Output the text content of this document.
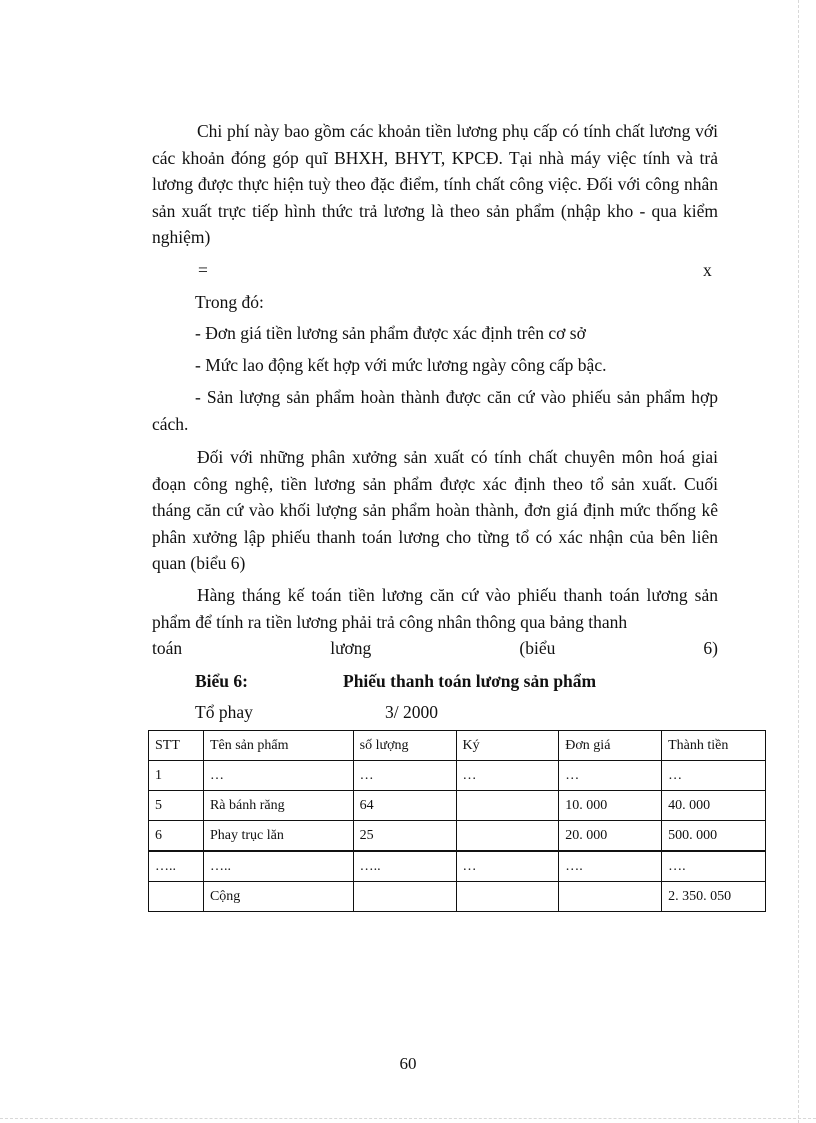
Chi phí này bao gồm các khoản tiền lương phụ cấp có tính chất lương với các khoản đóng góp quĩ BHXH, BHYT, KPCĐ. Tại nhà máy việc tính và trả lương được thực hiện tuỳ theo đặc điểm, tính chất công việc. Đối với công nhân sản xuất trực tiếp hình thức trả lương là theo sản phẩm (nhập kho - qua kiểm nghiệm)

=	x
Trong đó:
- Đơn giá tiền lương sản phẩm được xác định trên cơ sở
- Mức lao động kết hợp với mức lương ngày công cấp bậc.

- Sản lượng sản phẩm hoàn thành được căn cứ vào phiếu sản phẩm hợp cách.

Đối với những phân xưởng sản xuất có tính chất chuyên môn hoá giai đoạn công nghệ, tiền lương sản phẩm được xác định theo tổ sản xuất. Cuối tháng căn cứ vào khối lượng sản phẩm hoàn thành, đơn giá định mức thống kê phân xưởng lập phiếu thanh toán lương cho từng tổ có xác nhận của bên liên quan (biểu 6)

Hàng tháng kế toán tiền lương căn cứ vào phiếu thanh toán lương sản phẩm để tính ra tiền lương phải trả công nhân thông qua bảng thanh

toán	lương	(biểu	6)
Biểu 6:	Phiếu thanh toán lương sản phẩm
Tổ phay	3/ 2000
STT	Tên sản phẩm	số lượng	Ký	Đơn giá	Thành tiền
1	…	…	…	…	…
5	Rà bánh răng	64		10. 000	40. 000
6	Phay trục lăn	25		20. 000	500. 000
…..	…..	…..	…	….	….
	Cộng				2. 350. 050
60
